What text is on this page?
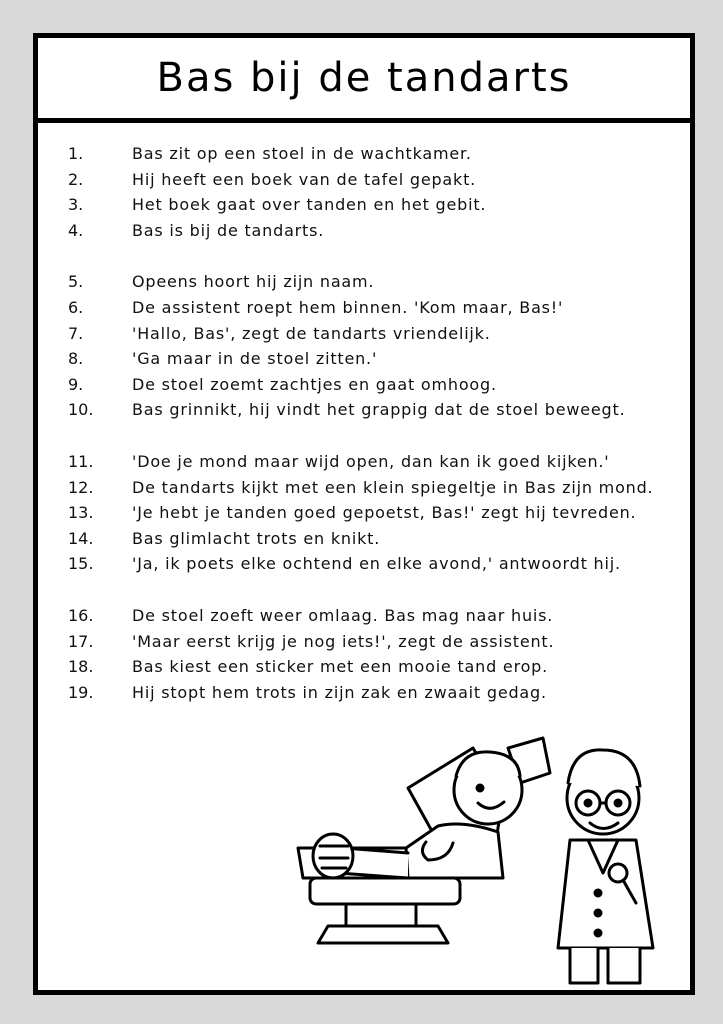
Bas bij de tandarts
1.	Bas zit op een stoel in de wachtkamer.
2.	Hij heeft een boek van de tafel gepakt.
3.	Het boek gaat over tanden en het gebit.
4.	Bas is bij de tandarts.
5.	Opeens hoort hij zijn naam.
6.	De assistent roept hem binnen. 'Kom maar, Bas!'
7.	'Hallo, Bas', zegt de tandarts vriendelijk.
8.	'Ga maar in de stoel zitten.'
9.	De stoel zoemt zachtjes en gaat omhoog.
10. Bas grinnikt, hij vindt het grappig dat de stoel beweegt.
11. 'Doe je mond maar wijd open, dan kan ik goed kijken.'
12. De tandarts kijkt met een klein spiegeltje in Bas zijn mond.
13. 'Je hebt je tanden goed gepoetst, Bas!' zegt hij tevreden.
14. Bas glimlacht trots en knikt.
15. 'Ja, ik poets elke ochtend en elke avond,' antwoordt hij.
16. De stoel zoeft weer omlaag. Bas mag naar huis.
17. 'Maar eerst krijg je nog iets!', zegt de assistent.
18. Bas kiest een sticker met een mooie tand erop.
19. Hij stopt hem trots in zijn zak en zwaait gedag.
